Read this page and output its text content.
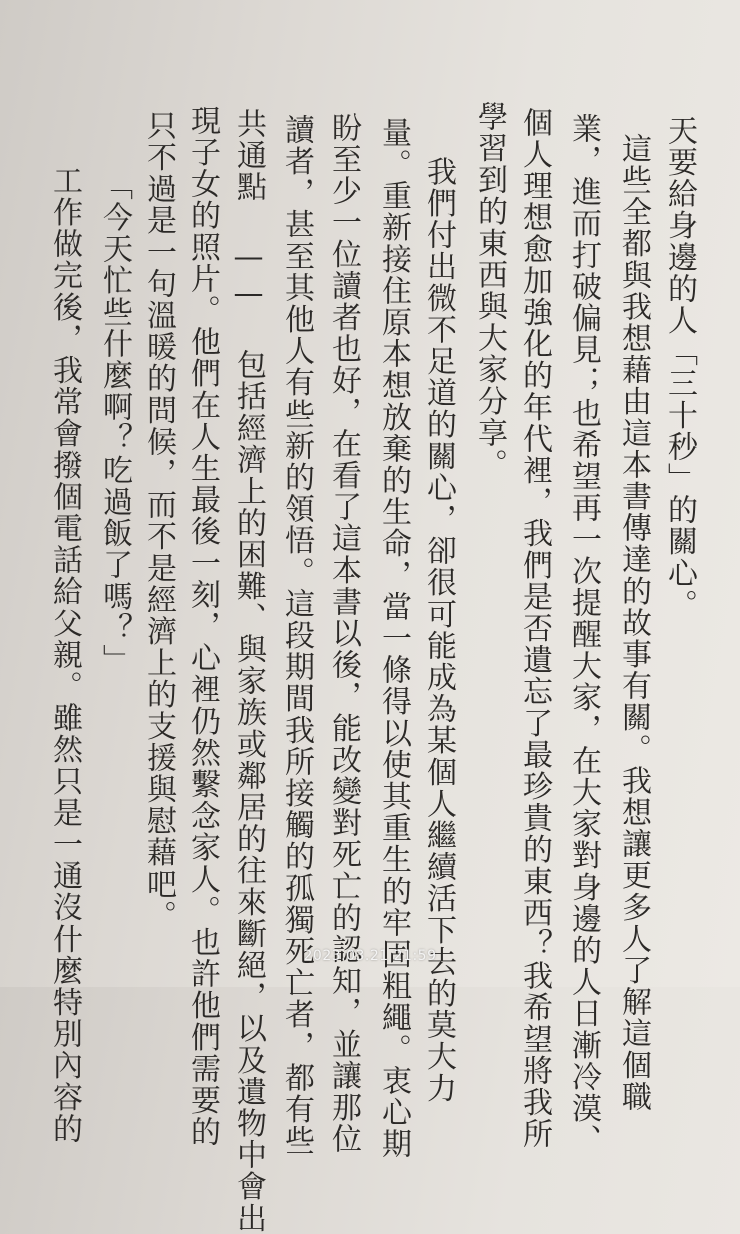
天要給身邊的人「三十秒」的關心。
這些全都與我想藉由這本書傳達的故事有關。我想讓更多人了解這個職
業，進而打破偏見；也希望再一次提醒大家，在大家對身邊的人日漸冷漠、
個人理想愈加強化的年代裡，我們是否遺忘了最珍貴的東西？我希望將我所
學習到的東西與大家分享。
我們付出微不足道的關心，卻很可能成為某個人繼續活下去的莫大力
量。重新接住原本想放棄的生命，當一條得以使其重生的牢固粗繩。衷心期
盼至少一位讀者也好，在看了這本書以後，能改變對死亡的認知，並讓那位
讀者，甚至其他人有些新的領悟。這段期間我所接觸的孤獨死亡者，都有些
共通點 —— 包括經濟上的困難、與家族或鄰居的往來斷絕，以及遺物中會出
現子女的照片。他們在人生最後一刻，心裡仍然繫念家人。也許他們需要的
只不過是一句溫暖的問候，而不是經濟上的支援與慰藉吧。
「今天忙些什麼啊？吃過飯了嗎？」
工作做完後，我常會撥個電話給父親。雖然只是一通沒什麼特別內容的	2023.03.21 21:59
